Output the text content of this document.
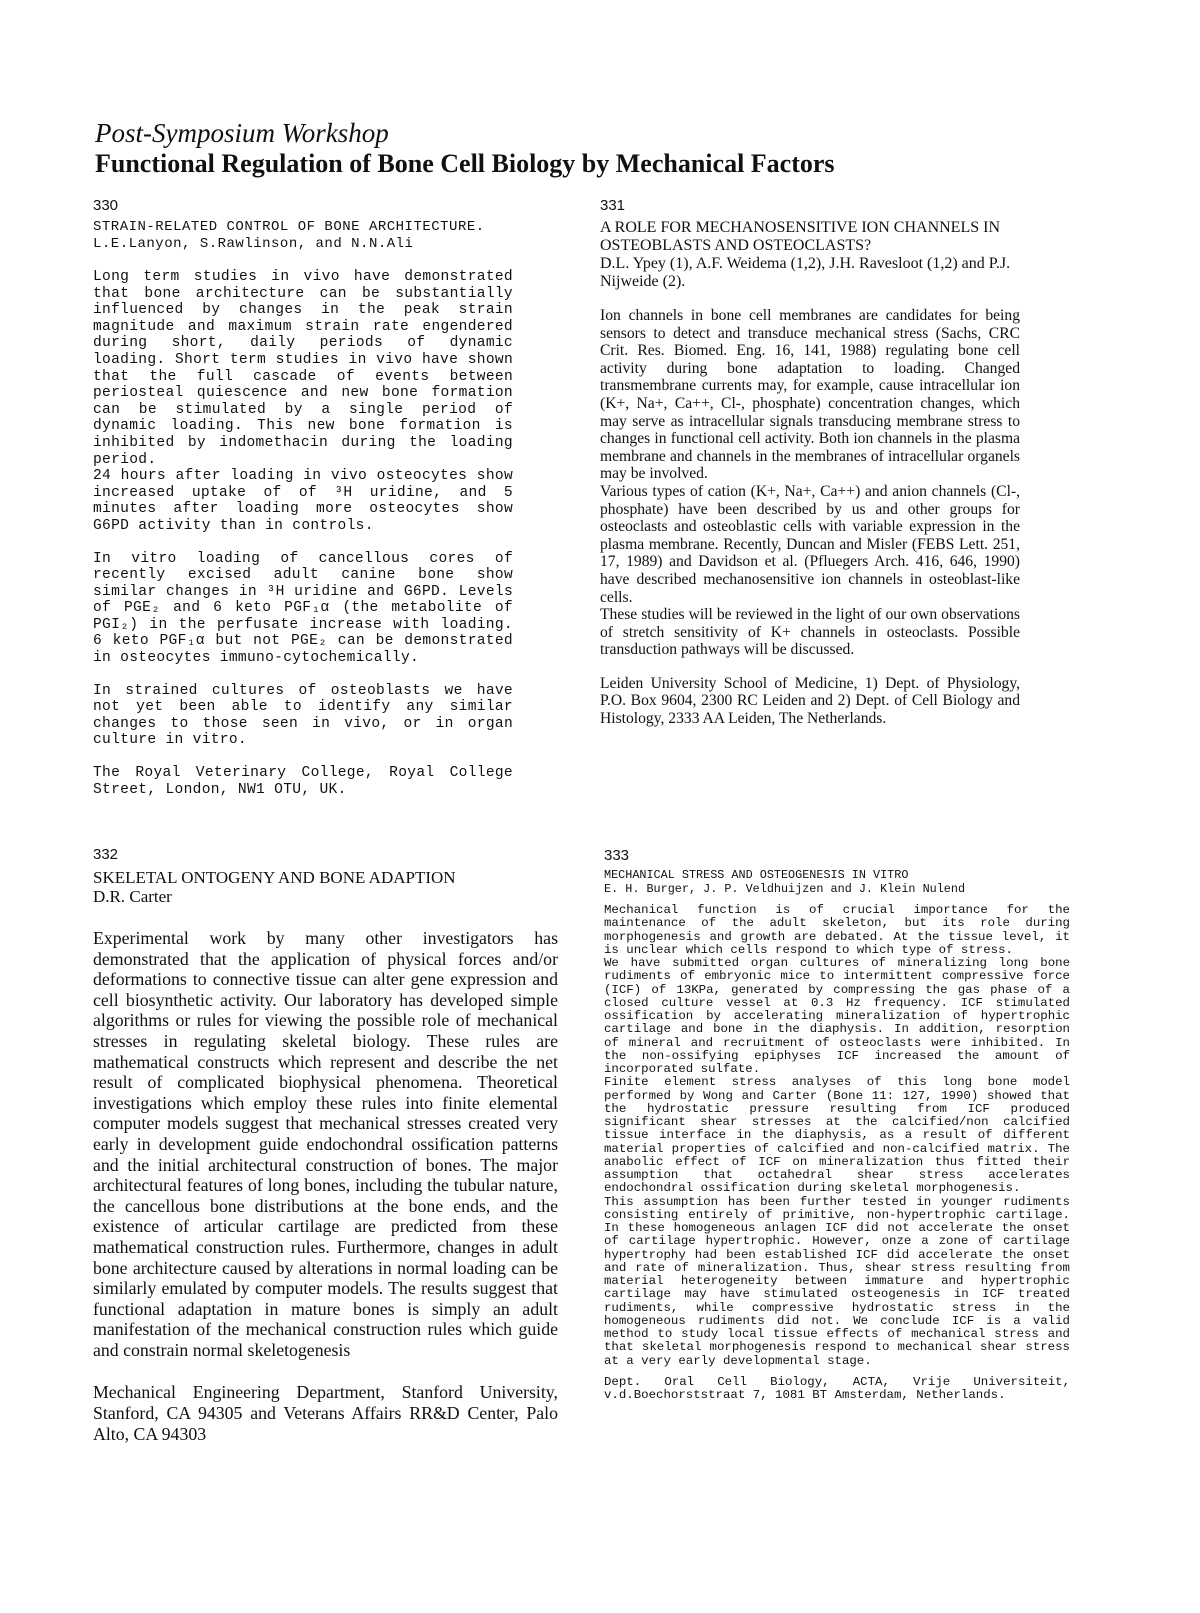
Post-Symposium Workshop
Functional Regulation of Bone Cell Biology by Mechanical Factors
330
STRAIN-RELATED CONTROL OF BONE ARCHITECTURE.
L.E.Lanyon, S.Rawlinson, and N.N.Ali

Long term studies in vivo have demonstrated that bone architecture can be substantially influenced by changes in the peak strain magnitude and maximum strain rate engendered during short, daily periods of dynamic loading. Short term studies in vivo have shown that the full cascade of events between periosteal quiescence and new bone formation can be stimulated by a single period of dynamic loading. This new bone formation is inhibited by indomethacin during the loading period.

24 hours after loading in vivo osteocytes show increased uptake of of ³H uridine, and 5 minutes after loading more osteocytes show G6PD activity than in controls.

In vitro loading of cancellous cores of recently excised adult canine bone show similar changes in ³H uridine and G6PD. Levels of PGE₂ and 6 keto PGF₁α (the metabolite of PGI₂) in the perfusate increase with loading. 6 keto PGF₁α but not PGE₂ can be demonstrated in osteocytes immuno-cytochemically.

In strained cultures of osteoblasts we have not yet been able to identify any similar changes to those seen in vivo, or in organ culture in vitro.

The Royal Veterinary College, Royal College Street, London, NW1 OTU, UK.

331
A ROLE FOR MECHANOSENSITIVE ION CHANNELS IN OSTEOBLASTS AND OSTEOCLASTS?
D.L. Ypey (1), A.F. Weidema (1,2), J.H. Ravesloot (1,2) and P.J. Nijweide (2).

Ion channels in bone cell membranes are candidates for being sensors to detect and transduce mechanical stress (Sachs, CRC Crit. Res. Biomed. Eng. 16, 141, 1988) regulating bone cell activity during bone adaptation to loading. Changed transmembrane currents may, for example, cause intracellular ion (K+, Na+, Ca++, Cl-, phosphate) concentration changes, which may serve as intracellular signals transducing membrane stress to changes in functional cell activity. Both ion channels in the plasma membrane and channels in the membranes of intracellular organels may be involved.

Various types of cation (K+, Na+, Ca++) and anion channels (Cl-, phosphate) have been described by us and other groups for osteoclasts and osteoblastic cells with variable expression in the plasma membrane. Recently, Duncan and Misler (FEBS Lett. 251, 17, 1989) and Davidson et al. (Pfluegers Arch. 416, 646, 1990) have described mechanosensitive ion channels in osteoblast-like cells.

These studies will be reviewed in the light of our own observations of stretch sensitivity of K+ channels in osteoclasts. Possible transduction pathways will be discussed.

Leiden University School of Medicine, 1) Dept. of Physiology, P.O. Box 9604, 2300 RC Leiden and 2) Dept. of Cell Biology and Histology, 2333 AA Leiden, The Netherlands.

332
SKELETAL ONTOGENY AND BONE ADAPTION
D.R. Carter

Experimental work by many other investigators has demonstrated that the application of physical forces and/or deformations to connective tissue can alter gene expression and cell biosynthetic activity. Our laboratory has developed simple algorithms or rules for viewing the possible role of mechanical stresses in regulating skeletal biology. These rules are mathematical constructs which represent and describe the net result of complicated biophysical phenomena. Theoretical investigations which employ these rules into finite elemental computer models suggest that mechanical stresses created very early in development guide endochondral ossification patterns and the initial architectural construction of bones. The major architectural features of long bones, including the tubular nature, the cancellous bone distributions at the bone ends, and the existence of articular cartilage are predicted from these mathematical construction rules. Furthermore, changes in adult bone architecture caused by alterations in normal loading can be similarly emulated by computer models. The results suggest that functional adaptation in mature bones is simply an adult manifestation of the mechanical construction rules which guide and constrain normal skeletogenesis

Mechanical Engineering Department, Stanford University, Stanford, CA 94305 and Veterans Affairs RR&D Center, Palo Alto, CA 94303

333
MECHANICAL STRESS AND OSTEOGENESIS IN VITRO
E. H. Burger, J. P. Veldhuijzen and J. Klein Nulend

Mechanical function is of crucial importance for the maintenance of the adult skeleton, but its role during morphogenesis and growth are debated. At the tissue level, it is unclear which cells respond to which type of stress.

We have submitted organ cultures of mineralizing long bone rudiments of embryonic mice to intermittent compressive force (ICF) of 13KPa, generated by compressing the gas phase of a closed culture vessel at 0.3 Hz frequency. ICF stimulated ossification by accelerating mineralization of hypertrophic cartilage and bone in the diaphysis. In addition, resorption of mineral and recruitment of osteoclasts were inhibited. In the non-ossifying epiphyses ICF increased the amount of incorporated sulfate.

Finite element stress analyses of this long bone model performed by Wong and Carter (Bone 11: 127, 1990) showed that the hydrostatic pressure resulting from ICF produced significant shear stresses at the calcified/non calcified tissue interface in the diaphysis, as a result of different material properties of calcified and non-calcified matrix. The anabolic effect of ICF on mineralization thus fitted their assumption that octahedral shear stress accelerates endochondral ossification during skeletal morphogenesis.

This assumption has been further tested in younger rudiments consisting entirely of primitive, non-hypertrophic cartilage. In these homogeneous anlagen ICF did not accelerate the onset of cartilage hypertrophic. However, onze a zone of cartilage hypertrophy had been established ICF did accelerate the onset and rate of mineralization. Thus, shear stress resulting from material heterogeneity between immature and hypertrophic cartilage may have stimulated osteogenesis in ICF treated rudiments, while compressive hydrostatic stress in the homogeneous rudiments did not. We conclude ICF is a valid method to study local tissue effects of mechanical stress and that skeletal morphogenesis respond to mechanical shear stress at a very early developmental stage.

Dept. Oral Cell Biology, ACTA, Vrije Universiteit, v.d.Boechorststraat 7, 1081 BT Amsterdam, Netherlands.
